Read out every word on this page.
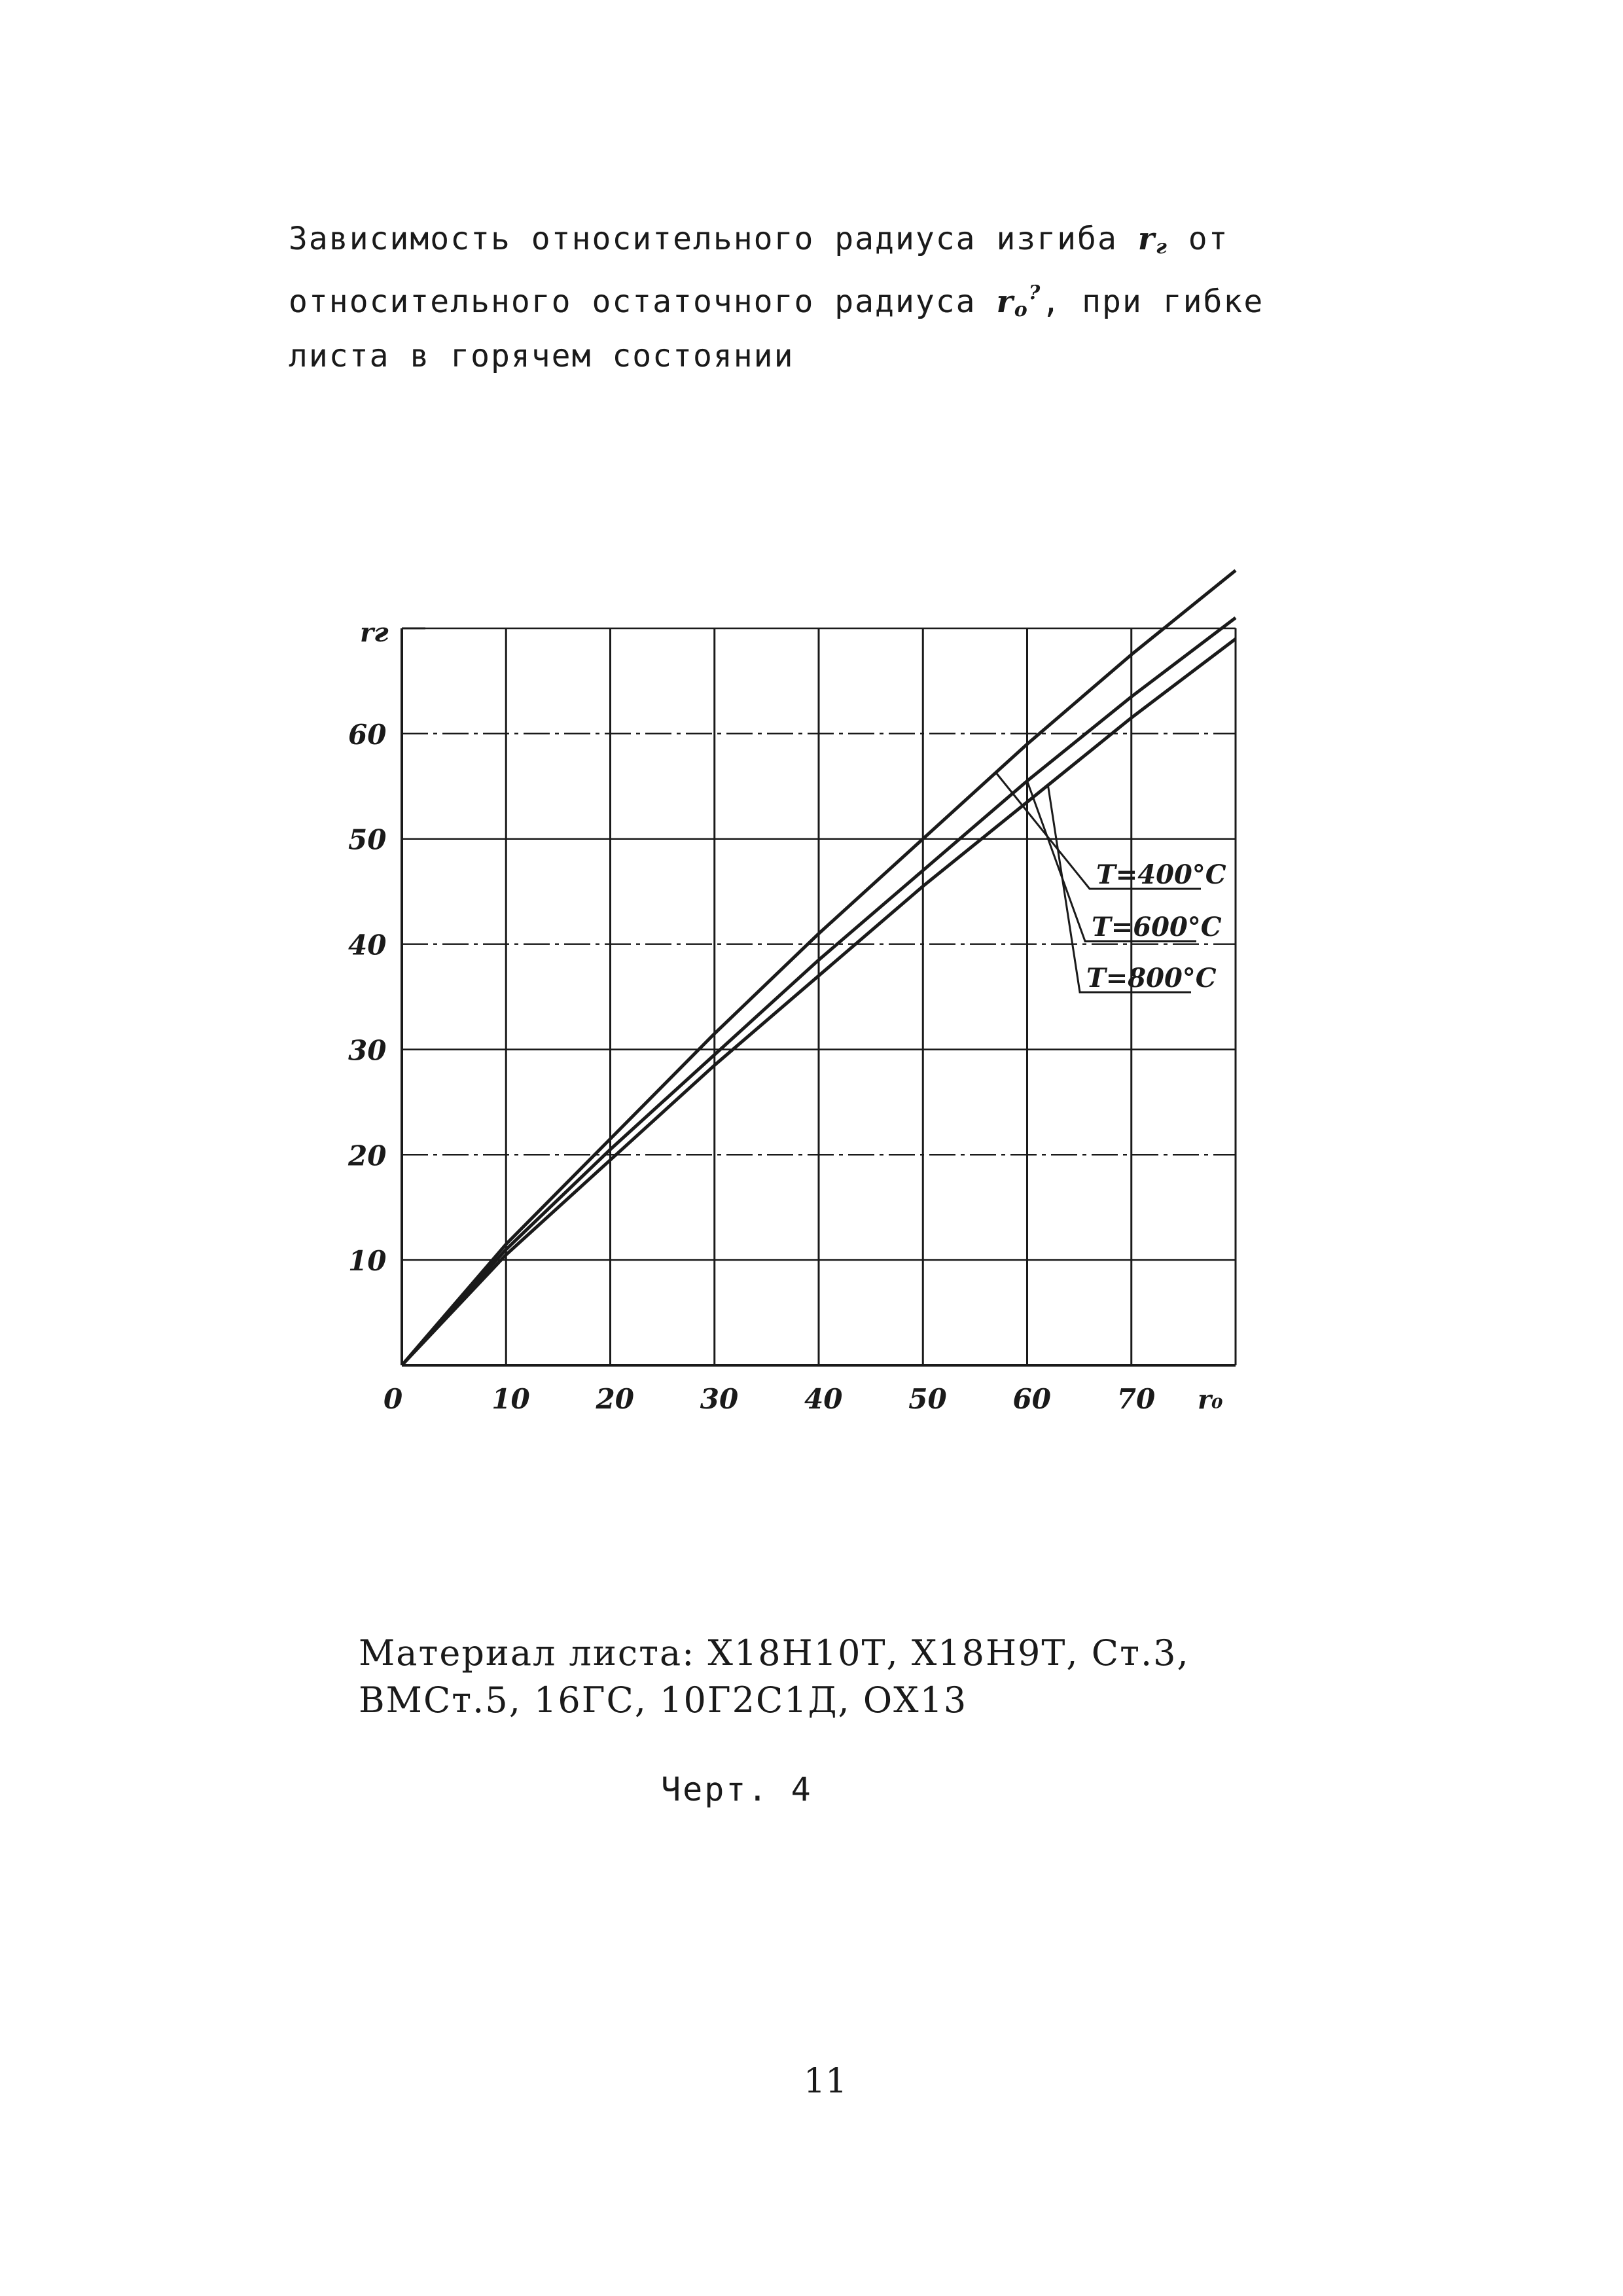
Зависимость относительного радиуса изгиба $r_г$ от
относительного остаточного радиуса $r_о^?$, при гибке
листа в горячем состоянии
T=400°C
T=600°C
T=800°C
0	10 20 30 40 50 60 70
10
20
30
40
50
60
rг
r₀
Материал листа: Х18Н10Т, Х18Н9Т, Ст.3,
ВМСт.5, 16ГС, 10Г2С1Д, ОХ13
Черт. 4
11
